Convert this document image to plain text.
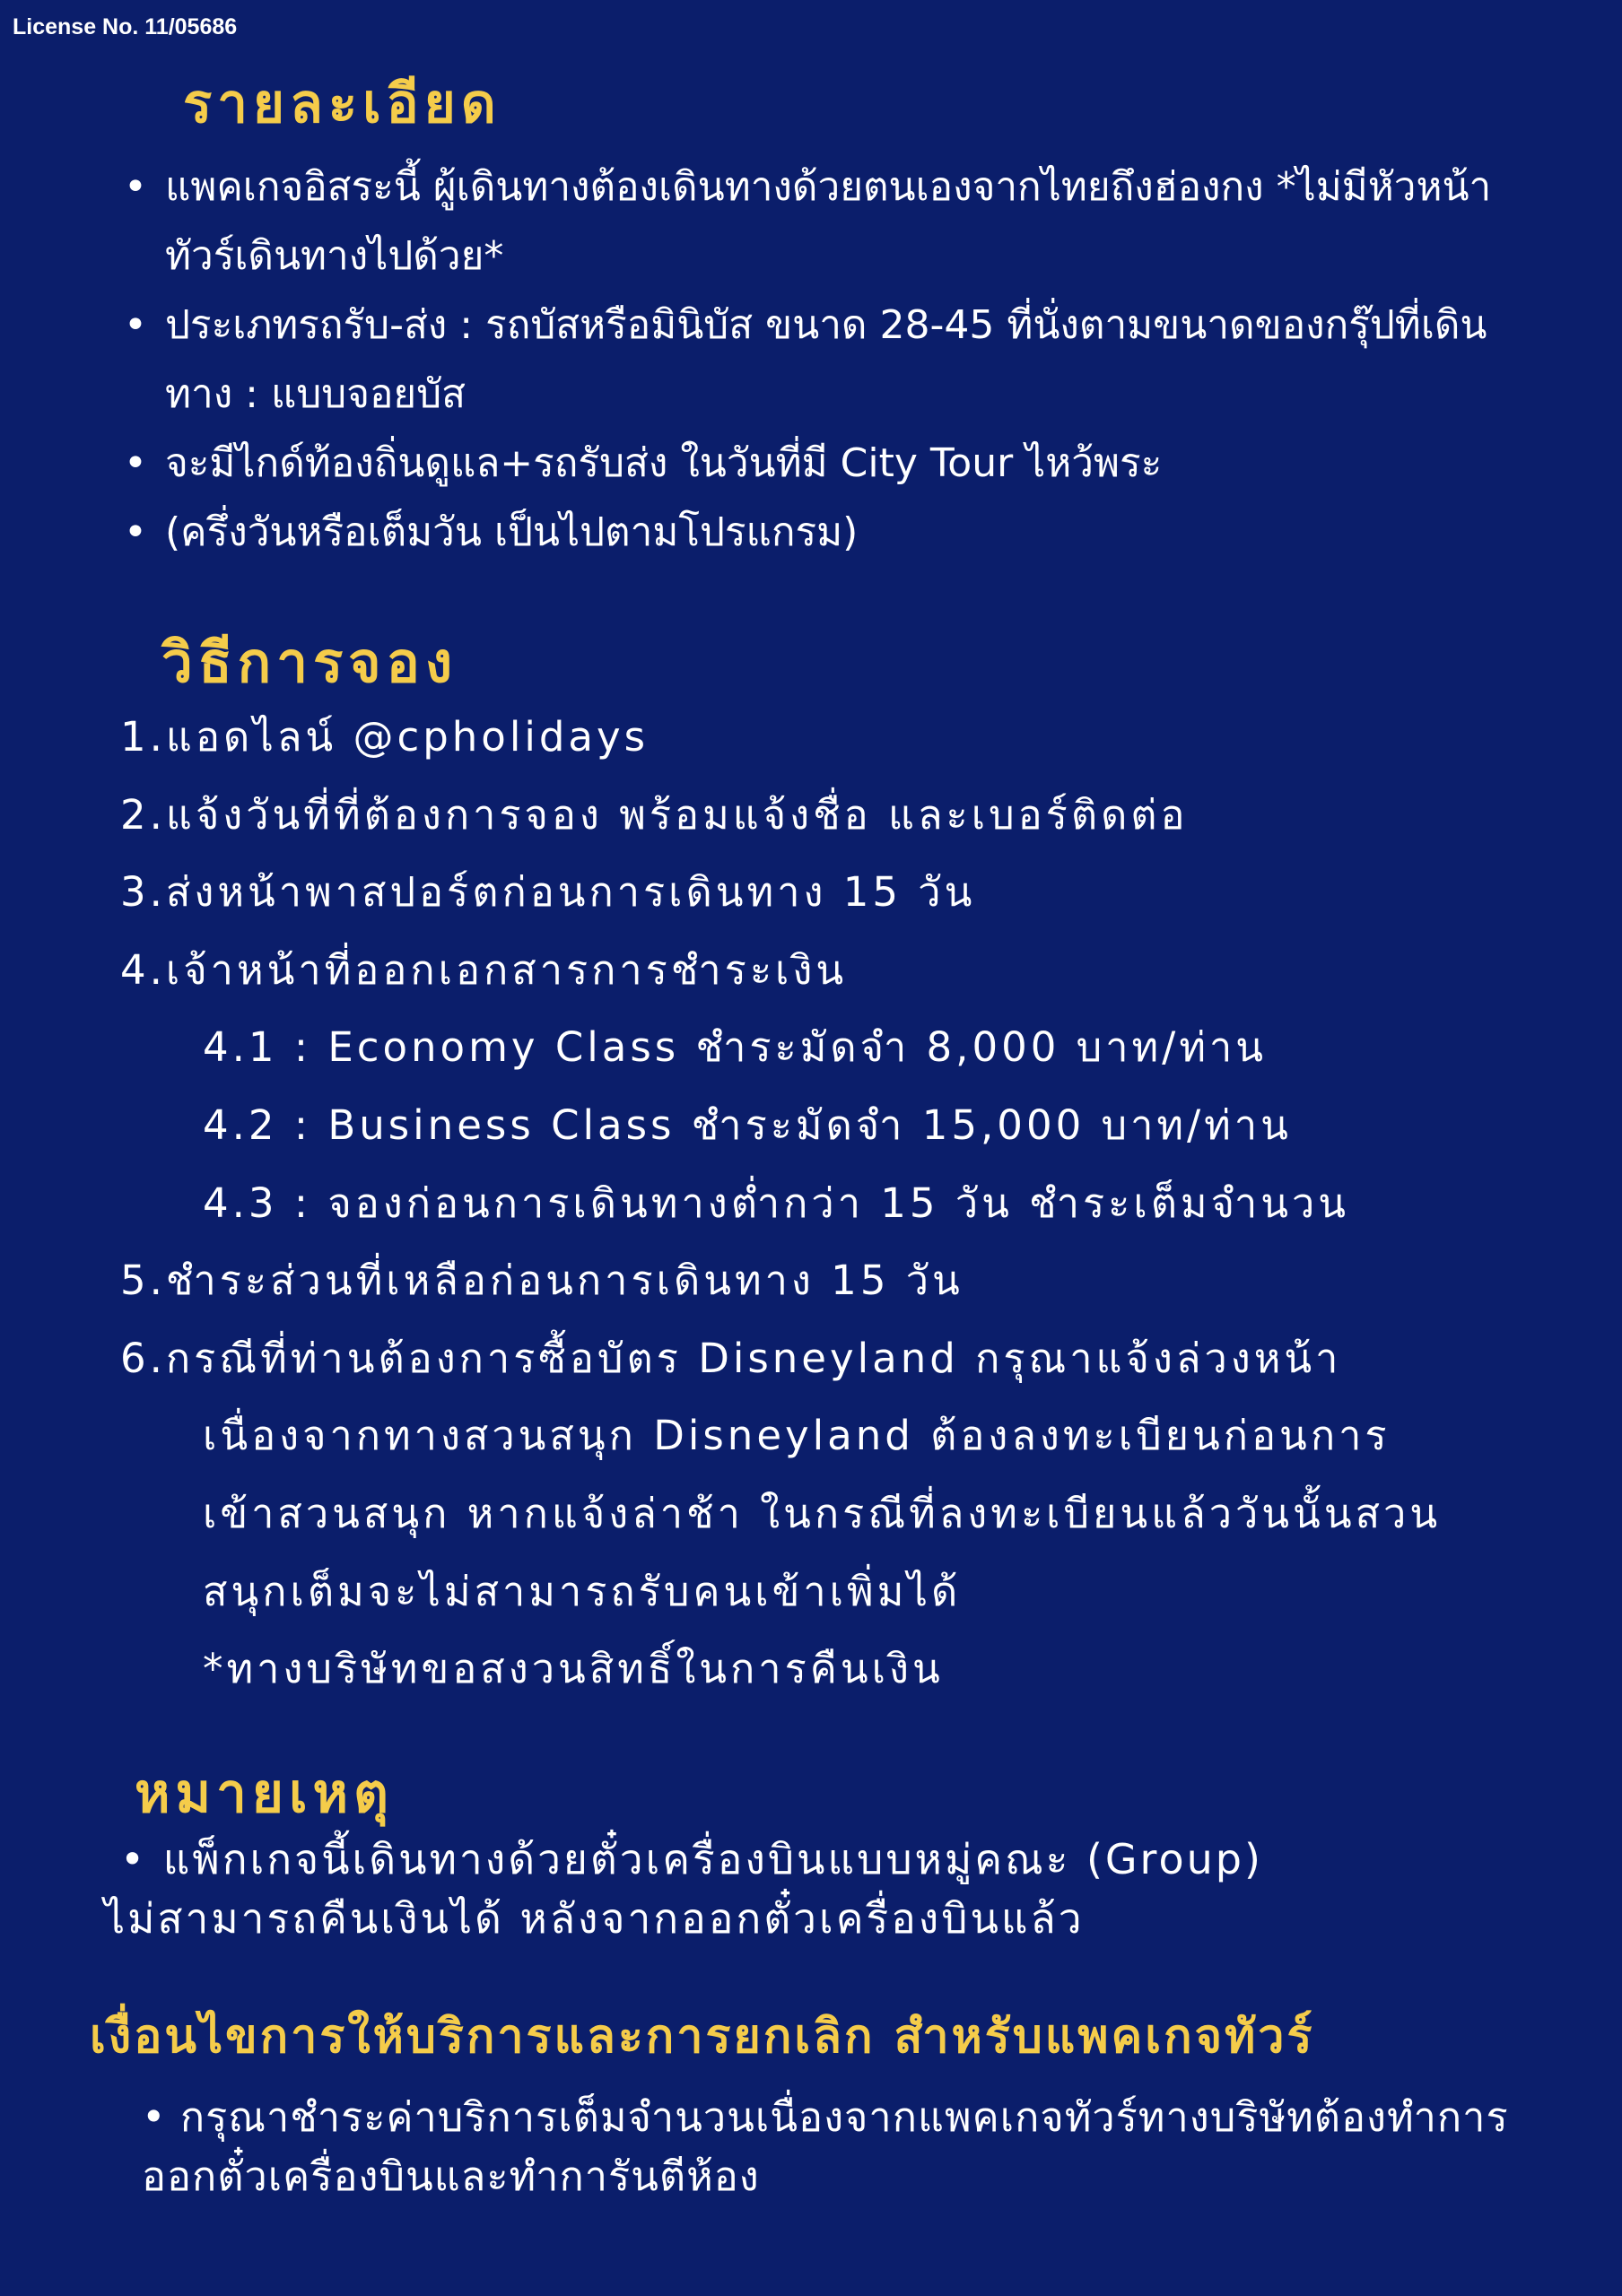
License No. 11/05686
รายละเอียด
• แพคเกจอิสระนี้ ผู้เดินทางต้องเดินทางด้วยตนเองจากไทยถึงฮ่องกง *ไม่มีหัวหน้า
ทัวร์เดินทางไปด้วย*
• ประเภทรถรับ-ส่ง : รถบัสหรือมินิบัส ขนาด 28-45 ที่นั่งตามขนาดของกรุ๊ปที่เดิน
ทาง : แบบจอยบัส
• จะมีไกด์ท้องถิ่นดูแล+รถรับส่ง ในวันที่มี City Tour ไหว้พระ
• (ครึ่งวันหรือเต็มวัน เป็นไปตามโปรแกรม)
วิธีการจอง
1.แอดไลน์ @cpholidays
2.แจ้งวันที่ที่ต้องการจอง พร้อมแจ้งชื่อ และเบอร์ติดต่อ
3.ส่งหน้าพาสปอร์ตก่อนการเดินทาง 15 วัน
4.เจ้าหน้าที่ออกเอกสารการชำระเงิน
4.1 : Economy Class ชำระมัดจำ 8,000 บาท/ท่าน
4.2 : Business Class ชำระมัดจำ 15,000 บาท/ท่าน
4.3 : จองก่อนการเดินทางต่ำกว่า 15 วัน ชำระเต็มจำนวน
5.ชำระส่วนที่เหลือก่อนการเดินทาง 15 วัน
6.กรณีที่ท่านต้องการซื้อบัตร Disneyland กรุณาแจ้งล่วงหน้า
เนื่องจากทางสวนสนุก Disneyland ต้องลงทะเบียนก่อนการ
เข้าสวนสนุก หากแจ้งล่าช้า ในกรณีที่ลงทะเบียนแล้ววันนั้นสวน
สนุกเต็มจะไม่สามารถรับคนเข้าเพิ่มได้
*ทางบริษัทขอสงวนสิทธิ์ในการคืนเงิน
หมายเหตุ
• แพ็กเกจนี้เดินทางด้วยตั๋วเครื่องบินแบบหมู่คณะ (Group)
ไม่สามารถคืนเงินได้ หลังจากออกตั๋วเครื่องบินแล้ว
เงื่อนไขการให้บริการและการยกเลิก สำหรับแพคเกจทัวร์
• กรุณาชำระค่าบริการเต็มจำนวนเนื่องจากแพคเกจทัวร์ทางบริษัทต้องทำการ
ออกตั๋วเครื่องบินและทำการันตีห้อง
